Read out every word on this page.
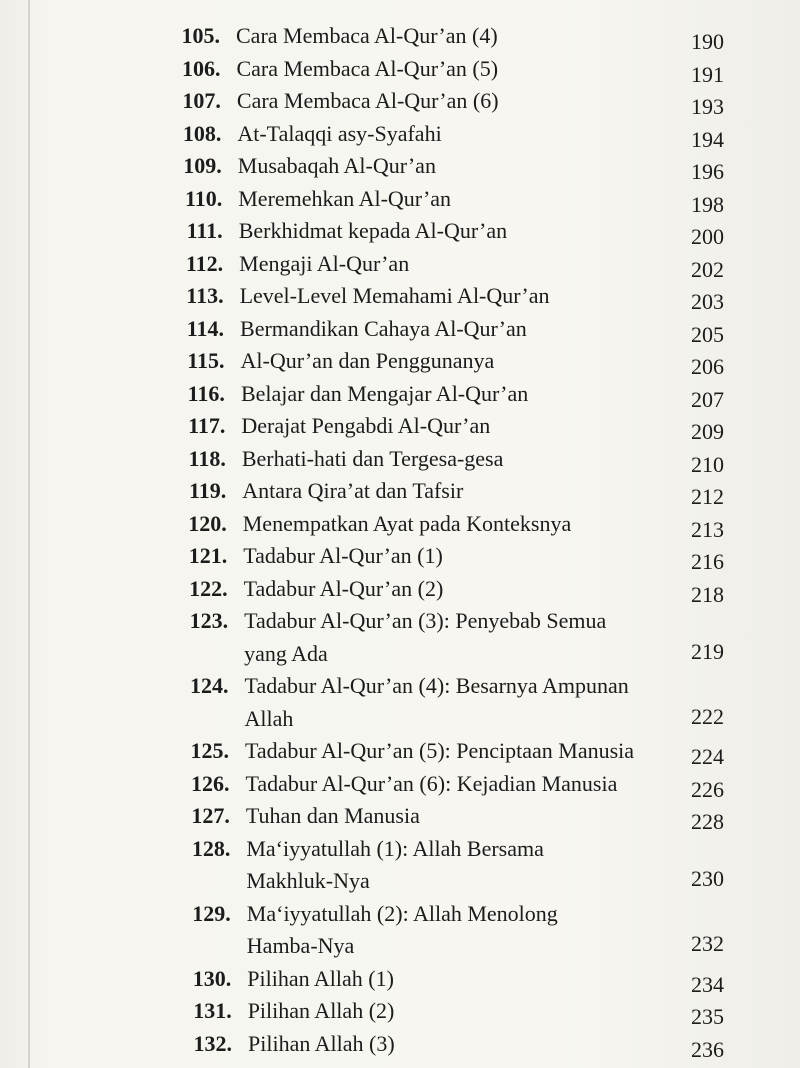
105. Cara Membaca Al-Qur’an (4)	190
106. Cara Membaca Al-Qur’an (5)	191
107. Cara Membaca Al-Qur’an (6)	193
108. At-Talaqqi asy-Syafahi	194
109. Musabaqah Al-Qur’an	196
110. Meremehkan Al-Qur’an	198
111. Berkhidmat kepada Al-Qur’an	200
112. Mengaji Al-Qur’an	202
113. Level-Level Memahami Al-Qur’an	203
114. Bermandikan Cahaya Al-Qur’an	205
115. Al-Qur’an dan Penggunanya	206
116. Belajar dan Mengajar Al-Qur’an	207
117. Derajat Pengabdi Al-Qur’an	209
118. Berhati-hati dan Tergesa-gesa	210
119. Antara Qira’at dan Tafsir	212
120. Menempatkan Ayat pada Konteksnya	213
121. Tadabur Al-Qur’an (1)	216
122. Tadabur Al-Qur’an (2)	218
123. Tadabur Al-Qur’an (3): Penyebab Semua
yang Ada	219
124. Tadabur Al-Qur’an (4): Besarnya Ampunan
Allah	222
125. Tadabur Al-Qur’an (5): Penciptaan Manusia	224
126. Tadabur Al-Qur’an (6): Kejadian Manusia	226
127. Tuhan dan Manusia	228
128. Ma‘iyyatullah (1): Allah Bersama
Makhluk-Nya	230
129. Ma‘iyyatullah (2): Allah Menolong
Hamba-Nya	232
130. Pilihan Allah (1)	234
131. Pilihan Allah (2)	235
132. Pilihan Allah (3)	236
